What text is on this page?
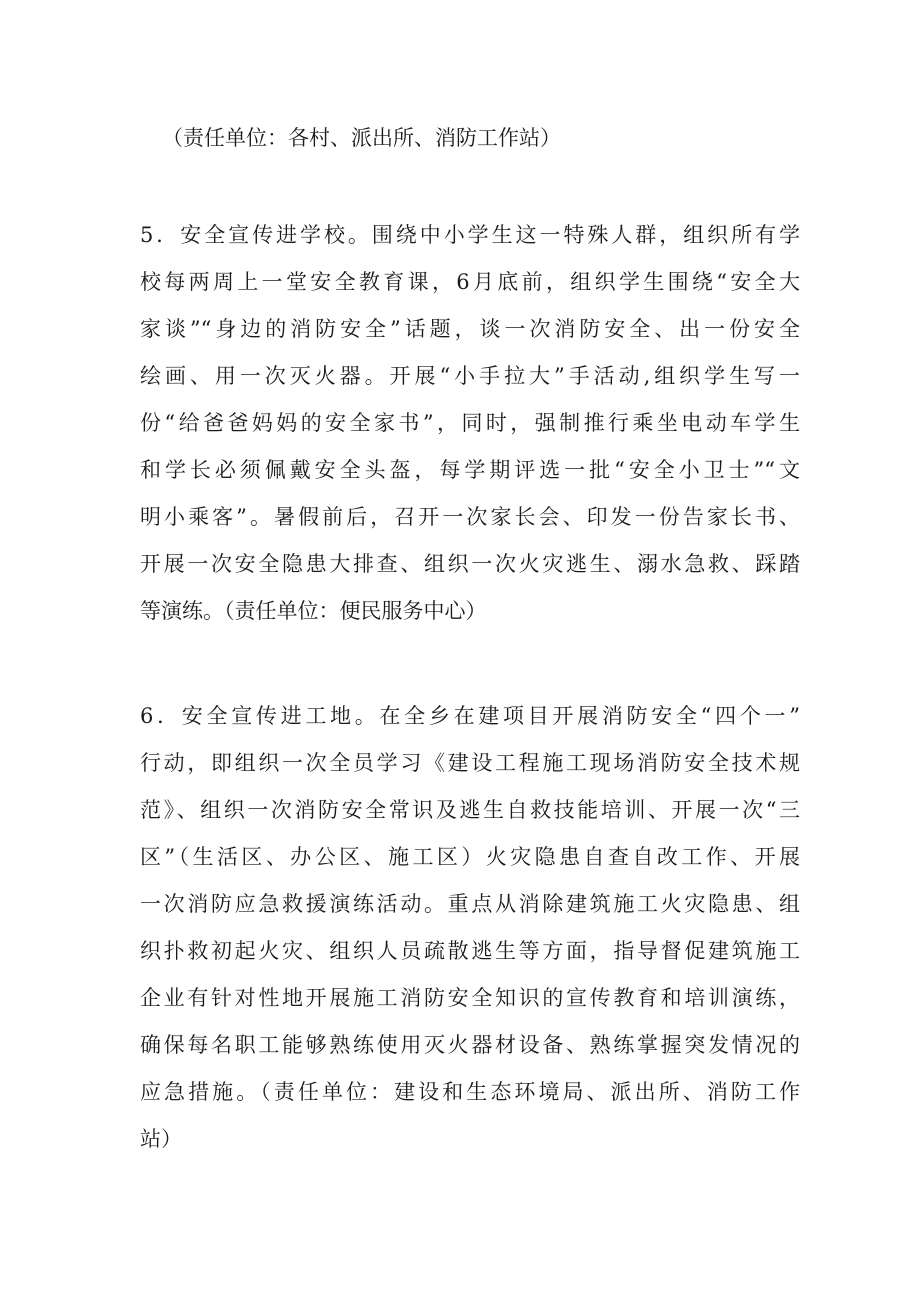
（责任单位：各村、派出所、消防工作站）
5．安全宣传进学校。围绕中小学生这一特殊人群，组织所有学
校每两周上一堂安全教育课，6月底前，组织学生围绕“安全大
家谈”“身边的消防安全”话题，谈一次消防安全、出一份安全
绘画、用一次灭火器。开展“小手拉大”手活动,组织学生写一
份“给爸爸妈妈的安全家书”，同时，强制推行乘坐电动车学生
和学长必须佩戴安全头盔，每学期评选一批“安全小卫士”“文
明小乘客”。暑假前后，召开一次家长会、印发一份告家长书、
开展一次安全隐患大排查、组织一次火灾逃生、溺水急救、踩踏
等演练。（责任单位：便民服务中心）
6．安全宣传进工地。在全乡在建项目开展消防安全“四个一”
行动，即组织一次全员学习《建设工程施工现场消防安全技术规
范》、组织一次消防安全常识及逃生自救技能培训、开展一次“三
区”（生活区、办公区、施工区）火灾隐患自查自改工作、开展
一次消防应急救援演练活动。重点从消除建筑施工火灾隐患、组
织扑救初起火灾、组织人员疏散逃生等方面，指导督促建筑施工
企业有针对性地开展施工消防安全知识的宣传教育和培训演练，
确保每名职工能够熟练使用灭火器材设备、熟练掌握突发情况的
应急措施。（责任单位：建设和生态环境局、派出所、消防工作
站）
